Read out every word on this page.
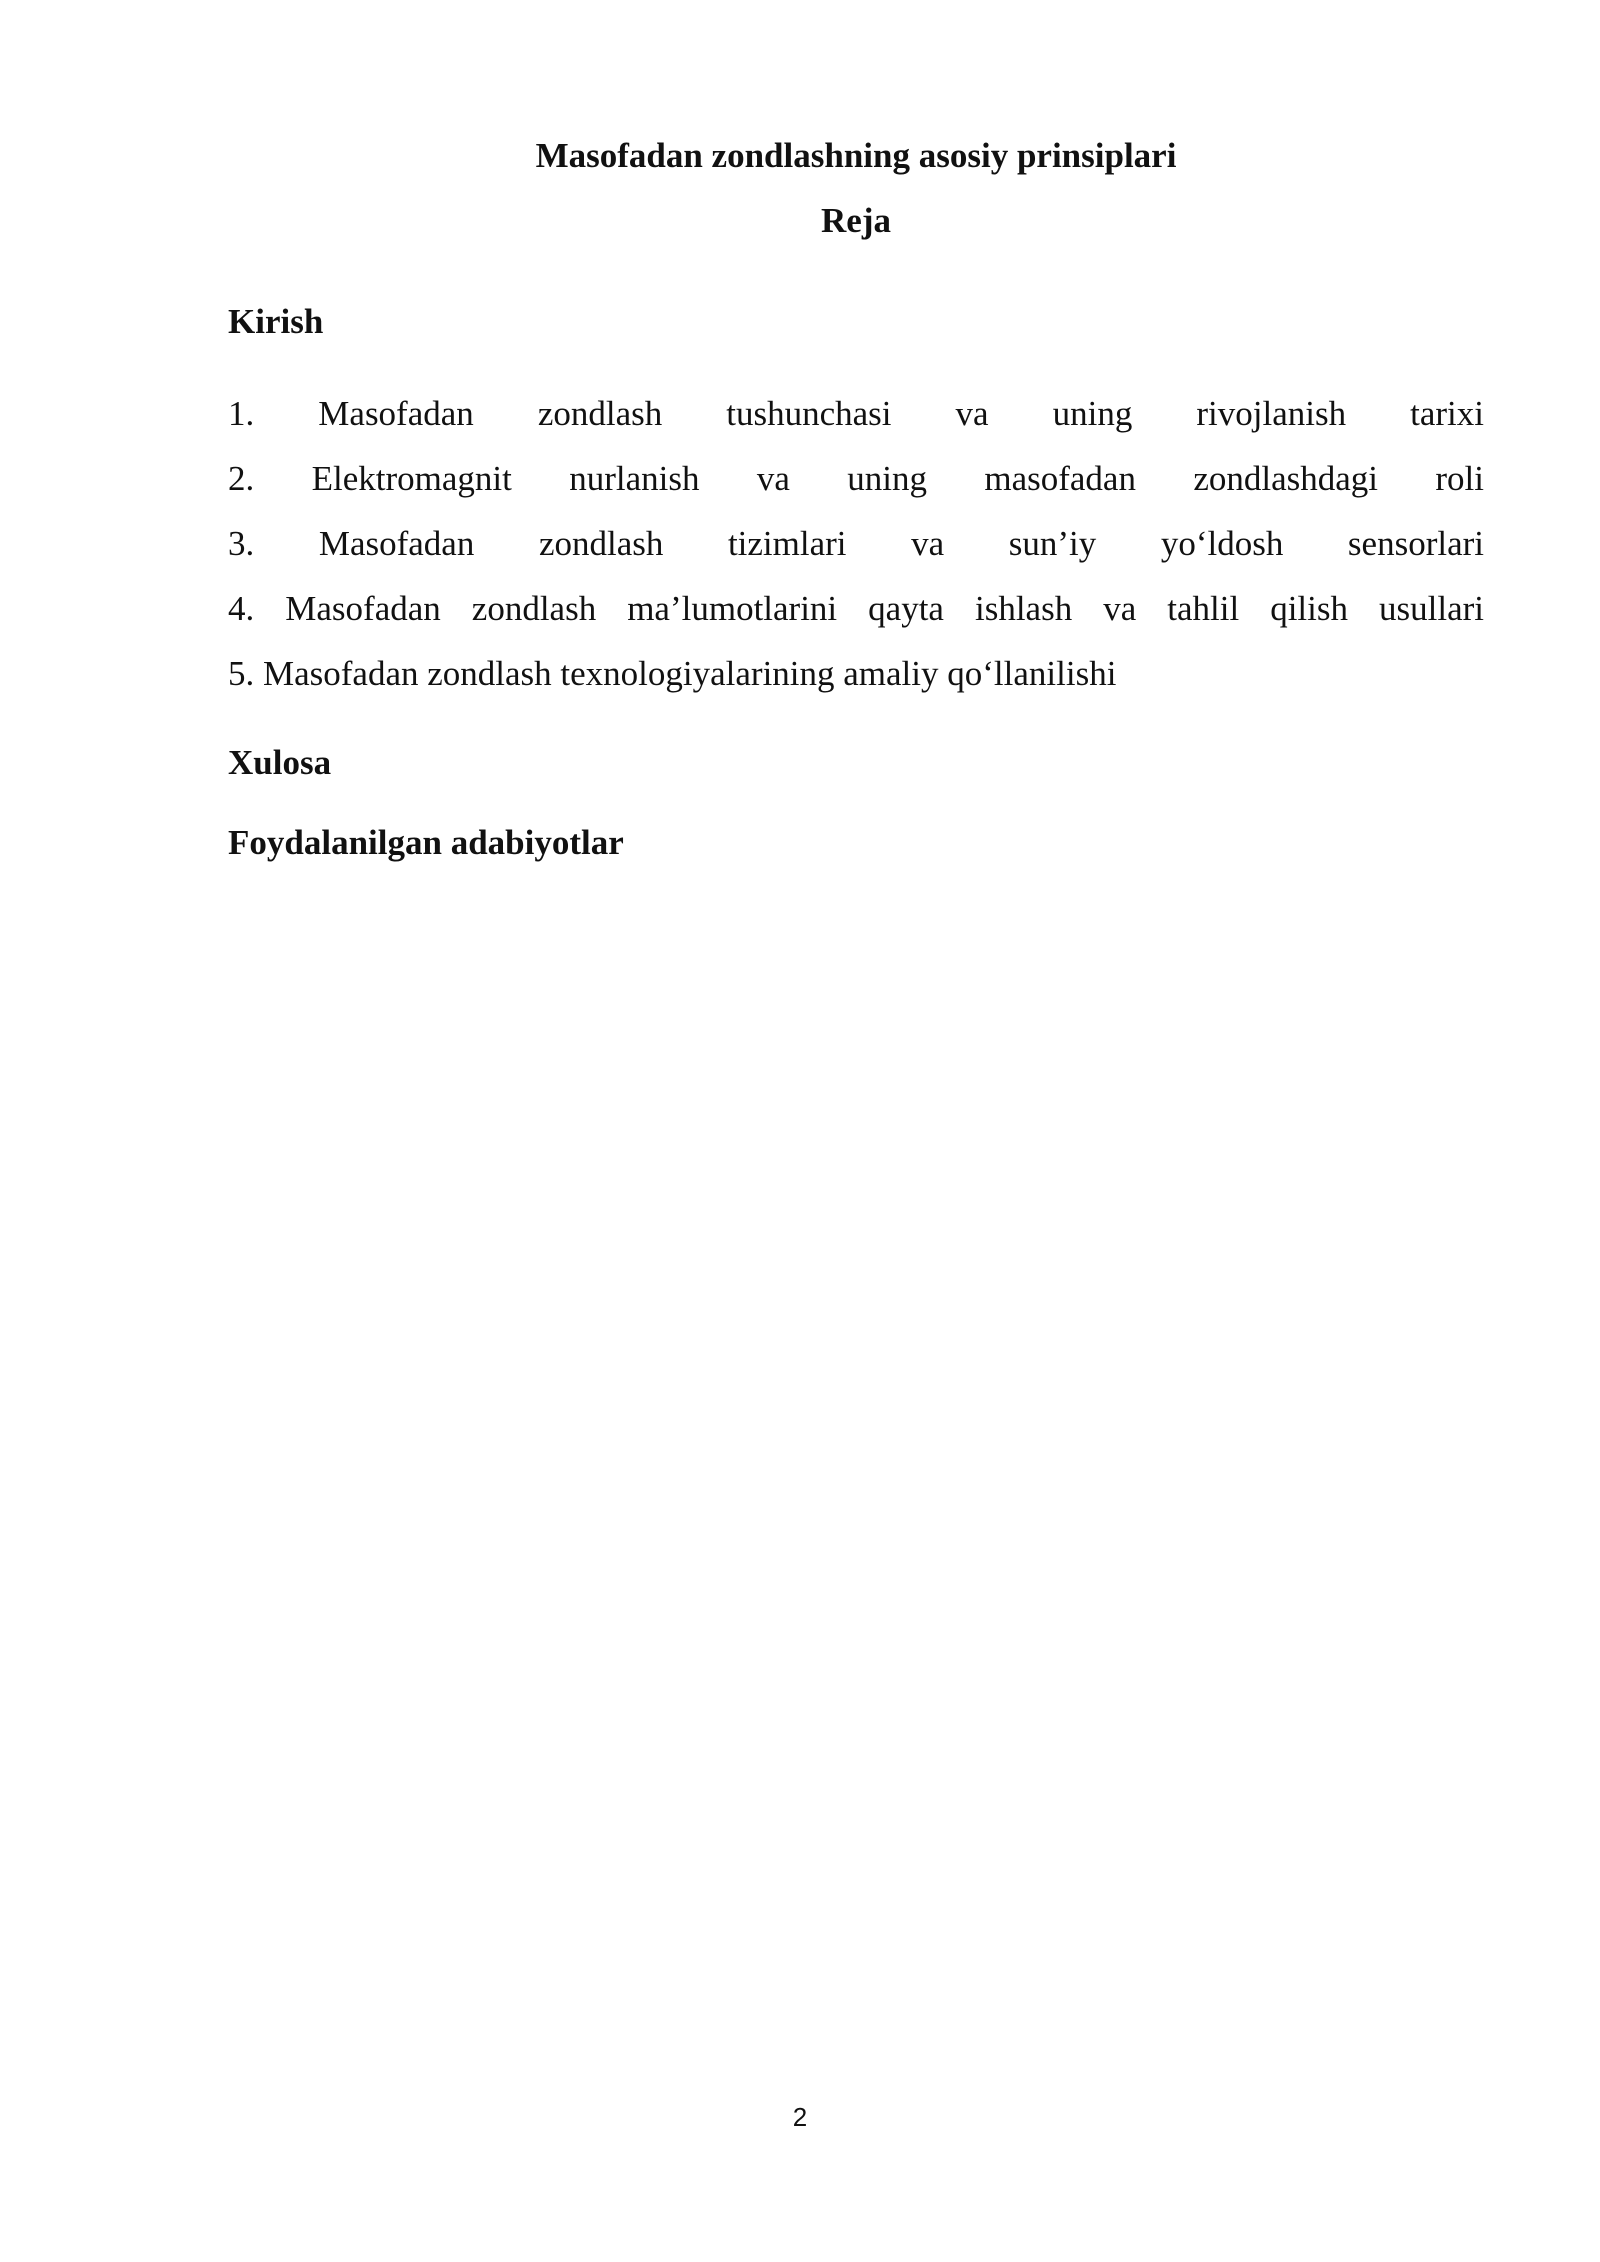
Masofadan zondlashning asosiy prinsiplari
Reja
Kirish
1. Masofadan zondlash tushunchasi va uning rivojlanish tarixi
2. Elektromagnit nurlanish va uning masofadan zondlashdagi roli
3. Masofadan zondlash tizimlari va sun’iy yo‘ldosh sensorlari
4. Masofadan zondlash ma’lumotlarini qayta ishlash va tahlil qilish usullari
5. Masofadan zondlash texnologiyalarining amaliy qo‘llanilishi
Xulosa
Foydalanilgan adabiyotlar
2
